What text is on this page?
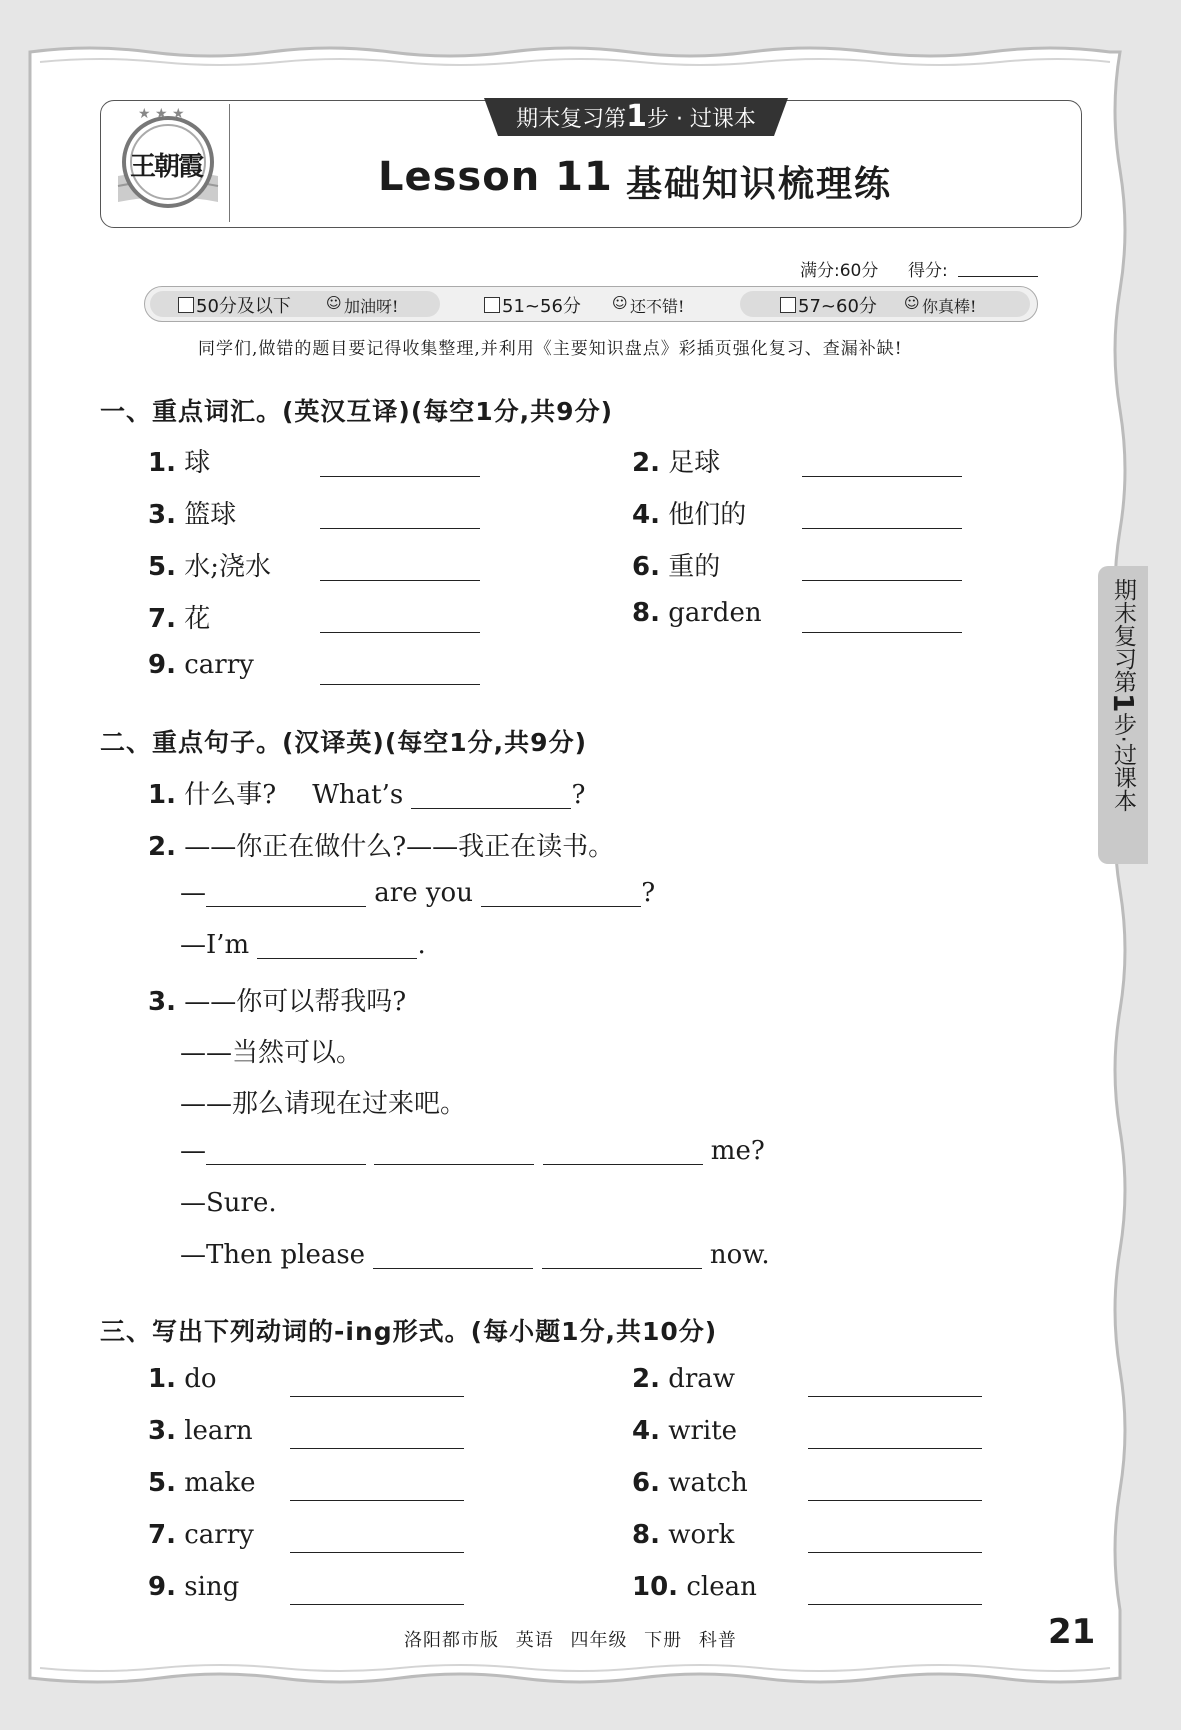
★ ★ ★
王朝霞
期末复习第1步 · 过课本
Lesson 11 基础知识梳理练
满分:60分 得分:
50分及以下 ☺ 加油呀!	51~56分 ☺ 还不错!	57~60分 ☺ 你真棒!
同学们,做错的题目要记得收集整理,并利用《主要知识盘点》彩插页强化复习、查漏补缺!
一、重点词汇。(英汉互译)(每空1分,共9分)
1. 球	2. 足球
3. 篮球	4. 他们的
5. 水;浇水	6. 重的
7. 花	8. garden
9. carry
二、重点句子。(汉译英)(每空1分,共9分)
1. 什么事? What’s	?
2. ——你正在做什么?——我正在读书。
—	are you	?
—I’m	.
3. ——你可以帮我吗?
——当然可以。
——那么请现在过来吧。
—	me?
—Sure.
—Then please	now.
三、写出下列动词的-ing形式。(每小题1分,共10分)
1. do	2. draw
3. learn	4. write
5. make	6. watch
7. carry	8. work
9. sing	10. clean
洛阳都市版 英语 四年级 下册 科普	21
期末复习第1步·过课本
